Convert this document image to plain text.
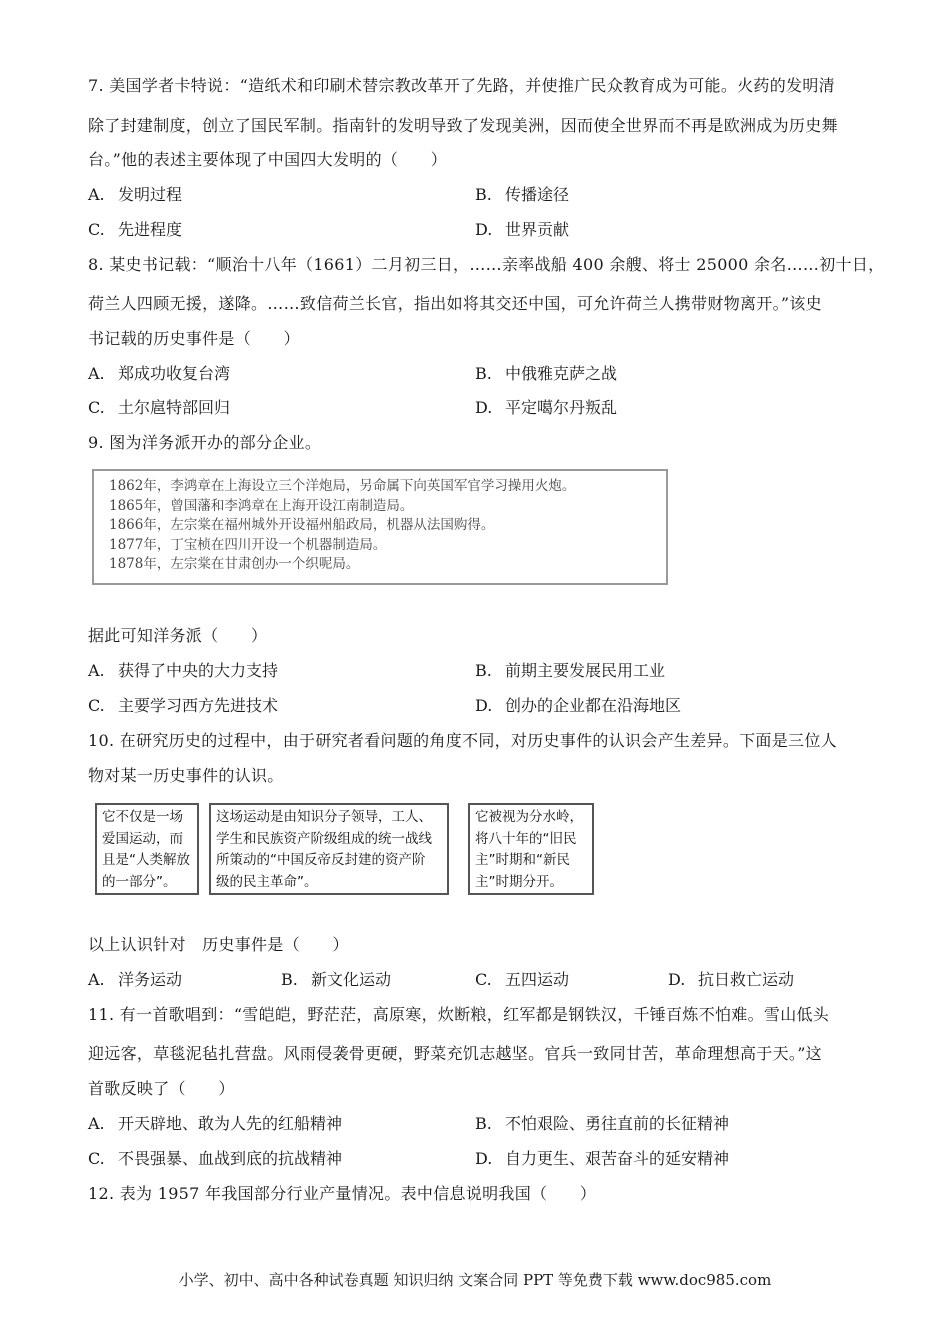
7. 美国学者卡特说：“造纸术和印刷术替宗教改革开了先路，并使推广民众教育成为可能。火药的发明清
除了封建制度，创立了国民军制。指南针的发明导致了发现美洲，因而使全世界而不再是欧洲成为历史舞
台。”他的表述主要体现了中国四大发明的（　　）
A. 发明过程	B. 传播途径
C. 先进程度	D. 世界贡献
8. 某史书记载：“顺治十八年（1661）二月初三日，……亲率战船 400 余艘、将士 25000 余名……初十日，
荷兰人四顾无援，遂降。……致信荷兰长官，指出如将其交还中国，可允许荷兰人携带财物离开。”该史
书记载的历史事件是（　　）
A. 郑成功收复台湾	B. 中俄雅克萨之战
C. 土尔扈特部回归	D. 平定噶尔丹叛乱
9. 图为洋务派开办的部分企业。
1862年，李鸿章在上海设立三个洋炮局，另命属下向英国军官学习操用火炮。
1865年，曾国藩和李鸿章在上海开设江南制造局。
1866年，左宗棠在福州城外开设福州船政局，机器从法国购得。
1877年，丁宝桢在四川开设一个机器制造局。
1878年，左宗棠在甘肃创办一个织呢局。
据此可知洋务派（　　）
A. 获得了中央的大力支持	B. 前期主要发展民用工业
C. 主要学习西方先进技术	D. 创办的企业都在沿海地区
10. 在研究历史的过程中，由于研究者看问题的角度不同，对历史事件的认识会产生差异。下面是三位人
物对某一历史事件的认识。
它不仅是一场
爱国运动，而
且是“人类解放
的一部分”。
这场运动是由知识分子领导，工人、
学生和民族资产阶级组成的统一战线
所策动的“中国反帝反封建的资产阶
级的民主革命”。
它被视为分水岭，
将八十年的“旧民
主”时期和“新民
主”时期分开。
以上认识针对　历史事件是（　　）
A. 洋务运动	B. 新文化运动	C. 五四运动	D. 抗日救亡运动
11. 有一首歌唱到：“雪皑皑，野茫茫，高原寒，炊断粮，红军都是钢铁汉，千锤百炼不怕难。雪山低头
迎远客，草毯泥毡扎营盘。风雨侵袭骨更硬，野菜充饥志越坚。官兵一致同甘苦，革命理想高于天。”这
首歌反映了（　　）
A. 开天辟地、敢为人先的红船精神	B. 不怕艰险、勇往直前的长征精神
C. 不畏强暴、血战到底的抗战精神	D. 自力更生、艰苦奋斗的延安精神
12. 表为 1957 年我国部分行业产量情况。表中信息说明我国（　　）
小学、初中、高中各种试卷真题 知识归纳 文案合同 PPT 等免费下载 www.doc985.com
